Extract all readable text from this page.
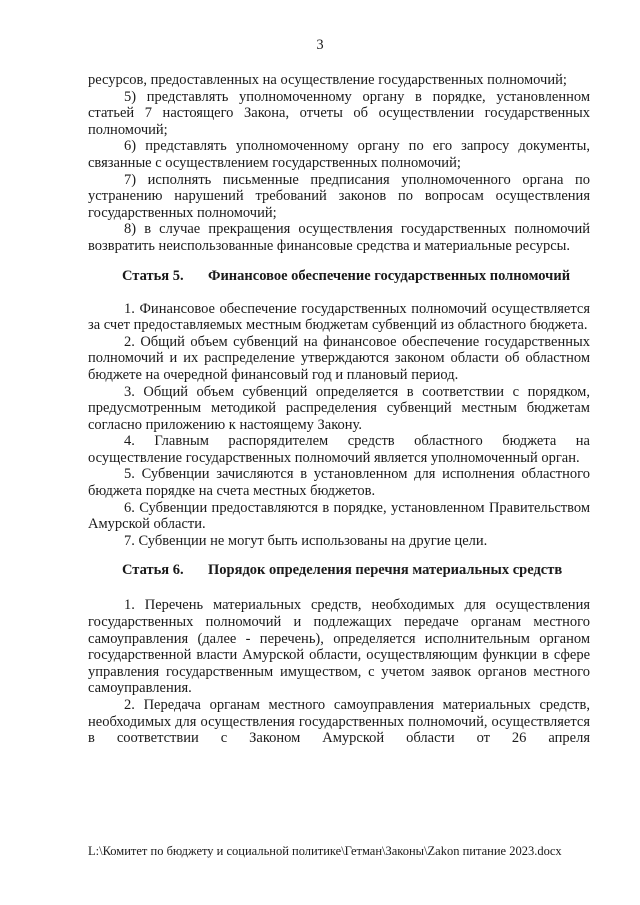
3

ресурсов, предоставленных на осуществление государственных полномочий;

5) представлять уполномоченному органу в порядке, установленном статьей 7 настоящего Закона, отчеты об осуществлении государственных полномочий;

6) представлять уполномоченному органу по его запросу документы, связанные с осуществлением государственных полномочий;

7) исполнять письменные предписания уполномоченного органа по устранению нарушений требований законов по вопросам осуществления государственных полномочий;

8) в случае прекращения осуществления государственных полномочий возвратить неиспользованные финансовые средства и материальные ресурсы.

Статья 5. Финансовое обеспечение государственных полномочий

1. Финансовое обеспечение государственных полномочий осуществляется за счет предоставляемых местным бюджетам субвенций из областного бюджета.

2. Общий объем субвенций на финансовое обеспечение государственных полномочий и их распределение утверждаются законом области об областном бюджете на очередной финансовый год и плановый период.

3. Общий объем субвенций определяется в соответствии с порядком, предусмотренным методикой распределения субвенций местным бюджетам согласно приложению к настоящему Закону.

4. Главным распорядителем средств областного бюджета на осуществление государственных полномочий является уполномоченный орган.

5. Субвенции зачисляются в установленном для исполнения областного бюджета порядке на счета местных бюджетов.

6. Субвенции предоставляются в порядке, установленном Правительством Амурской области.

7. Субвенции не могут быть использованы на другие цели.

Статья 6. Порядок определения перечня материальных средств

1. Перечень материальных средств, необходимых для осуществления государственных полномочий и подлежащих передаче органам местного самоуправления (далее - перечень), определяется исполнительным органом государственной власти Амурской области, осуществляющим функции в сфере управления государственным имуществом, с учетом заявок органов местного самоуправления.

2. Передача органам местного самоуправления материальных средств, необходимых для осуществления государственных полномочий, осуществляется в соответствии с Законом Амурской области от 26 апреля

L:\Комитет по бюджету и социальной политике\Гетман\Законы\Zakon питание 2023.docx
